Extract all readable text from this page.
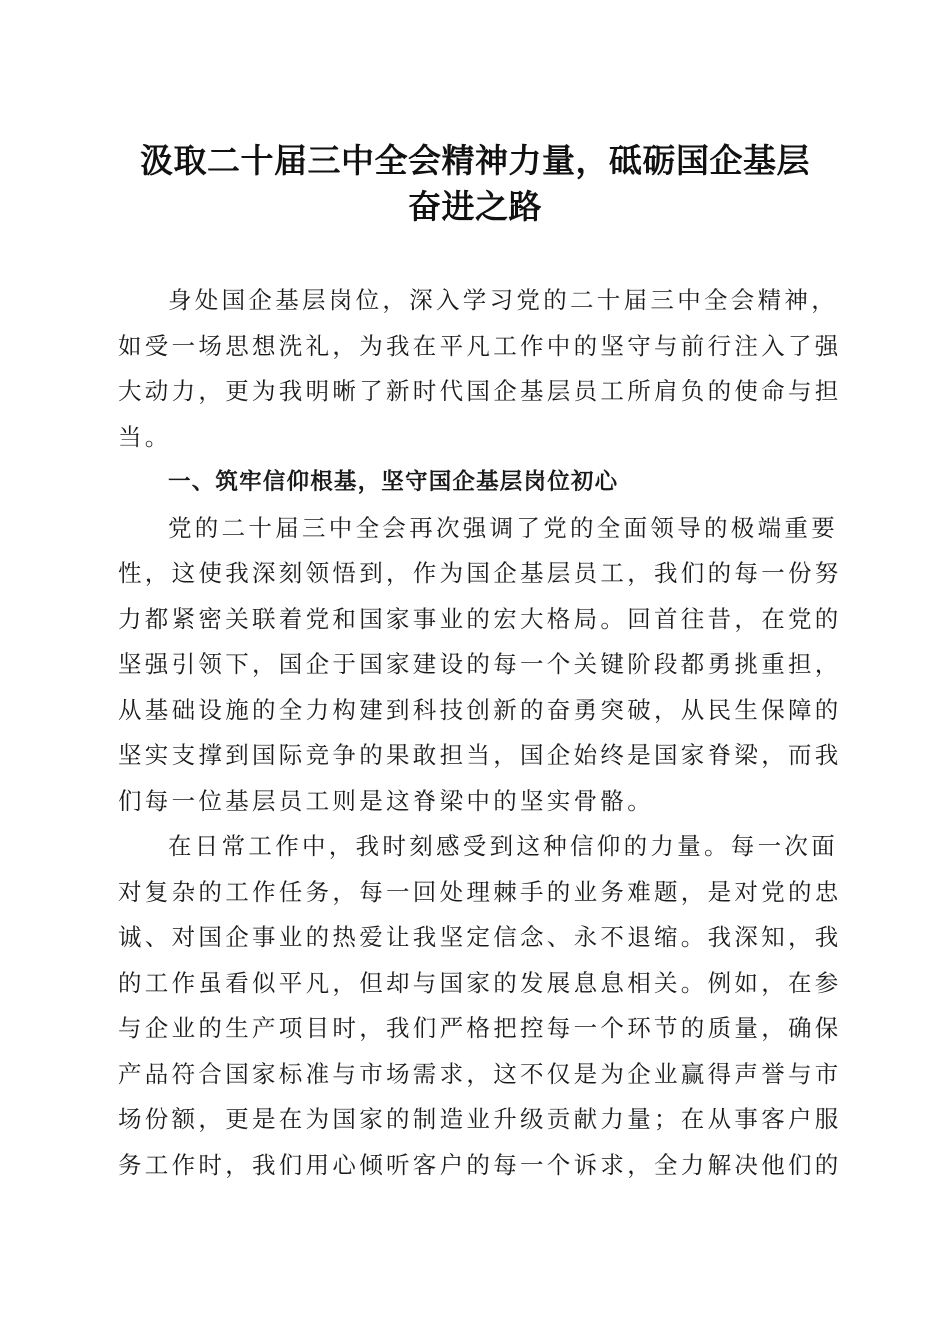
汲取二十届三中全会精神力量，砥砺国企基层
奋进之路
身处国企基层岗位，深入学习党的二十届三中全会精神，
如受一场思想洗礼，为我在平凡工作中的坚守与前行注入了强
大动力，更为我明晰了新时代国企基层员工所肩负的使命与担
当。
一、筑牢信仰根基，坚守国企基层岗位初心
党的二十届三中全会再次强调了党的全面领导的极端重要
性，这使我深刻领悟到，作为国企基层员工，我们的每一份努
力都紧密关联着党和国家事业的宏大格局。回首往昔，在党的
坚强引领下，国企于国家建设的每一个关键阶段都勇挑重担，
从基础设施的全力构建到科技创新的奋勇突破，从民生保障的
坚实支撑到国际竞争的果敢担当，国企始终是国家脊梁，而我
们每一位基层员工则是这脊梁中的坚实骨骼。
在日常工作中，我时刻感受到这种信仰的力量。每一次面
对复杂的工作任务，每一回处理棘手的业务难题，是对党的忠
诚、对国企事业的热爱让我坚定信念、永不退缩。我深知，我
的工作虽看似平凡，但却与国家的发展息息相关。例如，在参
与企业的生产项目时，我们严格把控每一个环节的质量，确保
产品符合国家标准与市场需求，这不仅是为企业赢得声誉与市
场份额，更是在为国家的制造业升级贡献力量；在从事客户服
务工作时，我们用心倾听客户的每一个诉求，全力解决他们的
